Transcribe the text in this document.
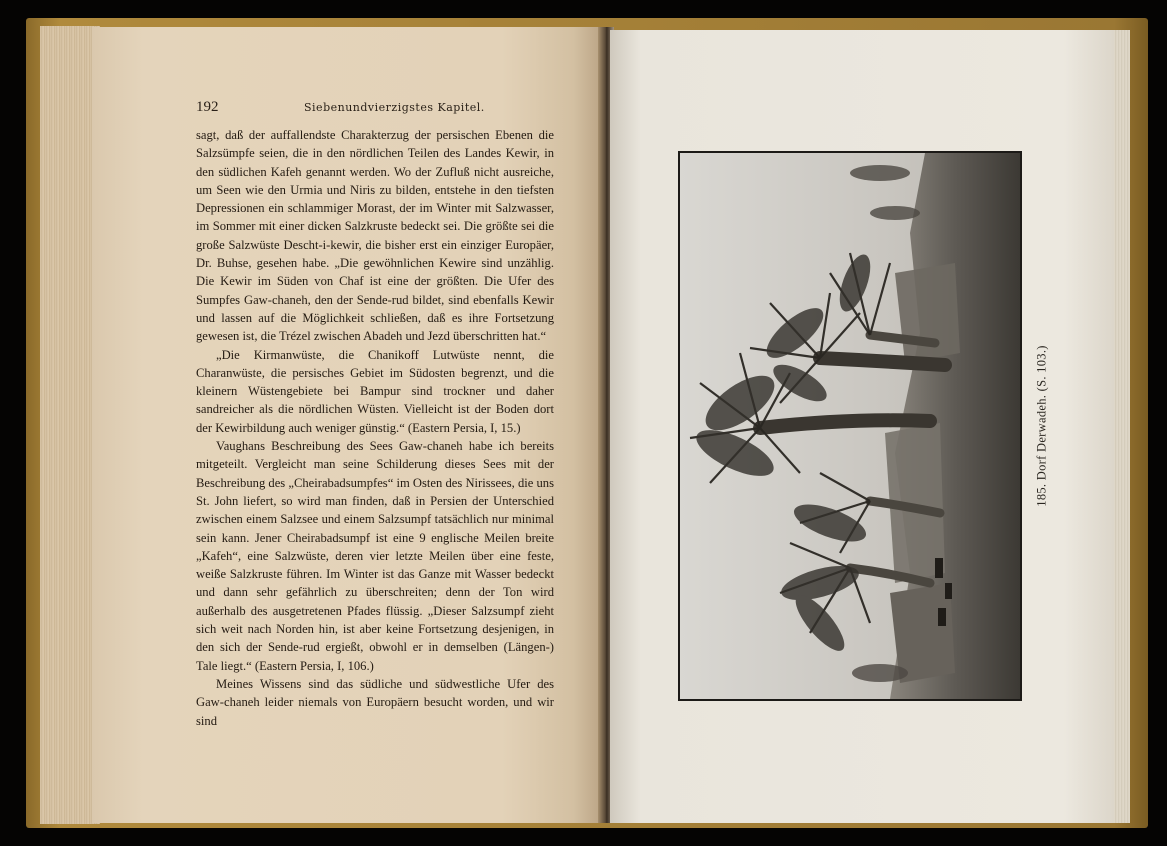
192	Siebenundvierzigstes Kapitel.

sagt, daß der auffallendste Charakterzug der persischen Ebenen die Salzsümpfe seien, die in den nördlichen Teilen des Landes Kewir, in den südlichen Kafeh genannt werden. Wo der Zufluß nicht ausreiche, um Seen wie den Urmia und Niris zu bilden, entstehe in den tiefsten Depressionen ein schlammiger Morast, der im Winter mit Salzwasser, im Sommer mit einer dicken Salzkruste bedeckt sei. Die größte sei die große Salzwüste Descht-i-kewir, die bisher erst ein einziger Europäer, Dr. Buhse, gesehen habe. „Die gewöhnlichen Kewire sind unzählig. Die Kewir im Süden von Chaf ist eine der größten. Die Ufer des Sumpfes Gaw-chaneh, den der Sende-rud bildet, sind ebenfalls Kewir und lassen auf die Möglichkeit schließen, daß es ihre Fortsetzung gewesen ist, die Trézel zwischen Abadeh und Jezd überschritten hat.“

„Die Kirmanwüste, die Chanikoff Lutwüste nennt, die Charanwüste, die persisches Gebiet im Südosten begrenzt, und die kleinern Wüstengebiete bei Bampur sind trockner und daher sandreicher als die nördlichen Wüsten. Vielleicht ist der Boden dort der Kewirbildung auch weniger günstig.“ (Eastern Persia, I, 15.)

Vaughans Beschreibung des Sees Gaw-chaneh habe ich bereits mitgeteilt. Vergleicht man seine Schilderung dieses Sees mit der Beschreibung des „Cheirabadsumpfes“ im Osten des Nirissees, die uns St. John liefert, so wird man finden, daß in Persien der Unterschied zwischen einem Salzsee und einem Salzsumpf tatsächlich nur minimal sein kann. Jener Cheirabadsumpf ist eine 9 englische Meilen breite „Kafeh“, eine Salzwüste, deren vier letzte Meilen über eine feste, weiße Salzkruste führen. Im Winter ist das Ganze mit Wasser bedeckt und dann sehr gefährlich zu überschreiten; denn der Ton wird außerhalb des ausgetretenen Pfades flüssig. „Dieser Salzsumpf zieht sich weit nach Norden hin, ist aber keine Fortsetzung desjenigen, in den sich der Sende-rud ergießt, obwohl er in demselben (Längen-) Tale liegt.“ (Eastern Persia, I, 106.)

Meines Wissens sind das südliche und südwestliche Ufer des Gaw-chaneh leider niemals von Europäern besucht worden, und wir sind

185. Dorf Derwadeh. (S. 103.)
